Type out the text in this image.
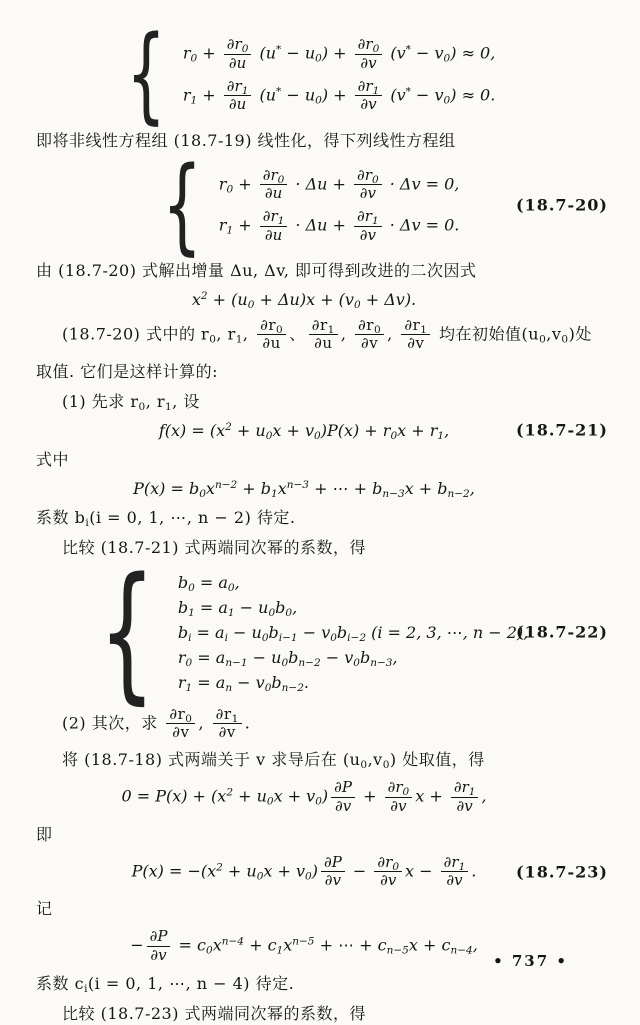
{ $r_0 + \frac{\partial r_0}{\partial u} (u^* - u_0) + \frac{\partial r_0}{\partial v} (v^* - v_0) \approx 0$,
$r_1 + \frac{\partial r_1}{\partial u} (u^* - u_0) + \frac{\partial r_1}{\partial v} (v^* - v_0) \approx 0$.
即将非线性方程组 (18.7-19) 线性化，得下列线性方程组
{ $r_0 + \frac{\partial r_0}{\partial u} \cdot \Delta u + \frac{\partial r_0}{\partial v} \cdot \Delta v = 0$,
$r_1 + \frac{\partial r_1}{\partial u} \cdot \Delta u + \frac{\partial r_1}{\partial v} \cdot \Delta v = 0$.
(18.7-20)
由 (18.7-20) 式解出增量 Δu, Δv, 即可得到改进的二次因式
$x^2 + (u_0 + \Delta u)x + (v_0 + \Delta v)$.
(18.7-20) 式中的 $r_0$, $r_1$, $\frac{\partial r_0}{\partial u}$ 、 $\frac{\partial r_1}{\partial u}$ , $\frac{\partial r_0}{\partial v}$ , $\frac{\partial r_1}{\partial v}$ 均在初始值$(u_0,v_0)$处
取值. 它们是这样计算的:
(1) 先求 $r_0$, $r_1$, 设
$f(x) = (x^2 + u_0x + v_0)P(x) + r_0x + r_1$,	(18.7-21)
式中
$P(x) = b_0x^{n-2} + b_1x^{n-3}$ + ⋯ + $b_{n-3}x + b_{n-2}$,
系数 $b_i(i = 0$, 1, ⋯, n − 2) 待定.
比较 (18.7-21) 式两端同次幂的系数，得
{ $b_0 = a_0$,
$b_1 = a_1 - u_0b_0$,
$b_i = a_i - u_0b_{i-1} - v_0b_{i-2}$ (i = 2, 3, ⋯, n − 2),
$r_0 = a_{n-1} - u_0b_{n-2} - v_0b_{n-3}$,
$r_1 = a_n - v_0b_{n-2}$.
(18.7-22)
(2) 其次，求 $\frac{\partial r_0}{\partial v}$ , $\frac{\partial r_1}{\partial v}$ .
将 (18.7-18) 式两端关于 v 求导后在 $(u_0,v_0)$ 处取值，得
$0 = P(x) + (x^2 + u_0x + v_0) \frac{\partial P}{\partial v} + \frac{\partial r_0}{\partial v}$ $x + \frac{\partial r_1}{\partial v}$ ,
即
$P(x) = -(x^2 + u_0x + v_0) \frac{\partial P}{\partial v} - \frac{\partial r_0}{\partial v}$ $x - \frac{\partial r_1}{\partial v}$ . (18.7-23)
记
− $\frac{\partial P}{\partial v} = c_0x^{n-4} + c_1x^{n-5}$ + ⋯ + $c_{n-5}x + c_{n-4}$,
系数 $c_i(i = 0$, 1, ⋯, n − 4) 待定.
比较 (18.7-23) 式两端同次幂的系数，得
• 737 •
